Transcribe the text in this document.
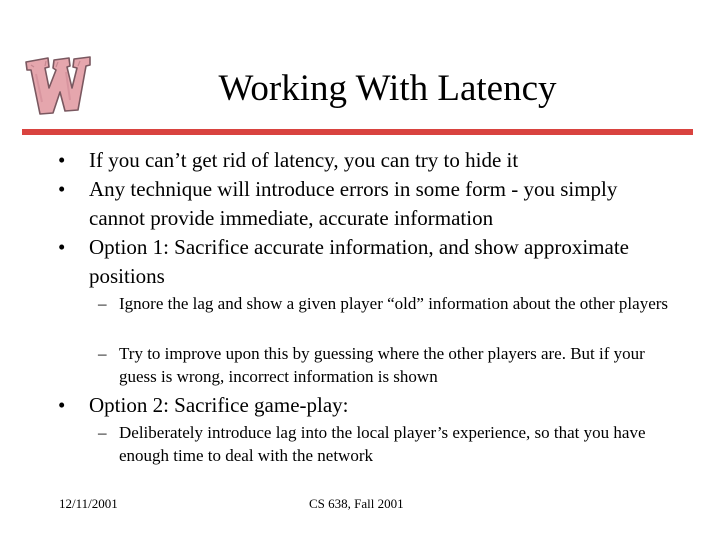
Working With Latency
• If you can’t get rid of latency, you can try to hide it
• Any technique will introduce errors in some form - you simply cannot provide immediate, accurate information
• Option 1: Sacrifice accurate information, and show approximate positions
– Ignore the lag and show a given player “old” information about the other players
– Try to improve upon this by guessing where the other players are. But if your guess is wrong, incorrect information is shown
• Option 2: Sacrifice game-play:
– Deliberately introduce lag into the local player’s experience, so that you have enough time to deal with the network
12/11/2001	CS 638, Fall 2001
